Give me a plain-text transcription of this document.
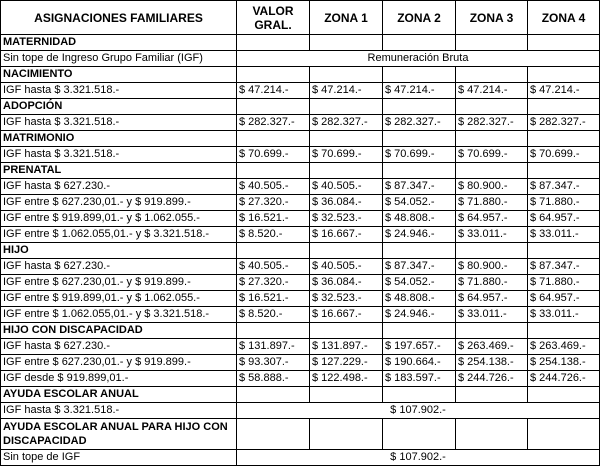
ASIGNACIONES FAMILIARES	VALOR GRAL.	ZONA 1	ZONA 2	ZONA 3	ZONA 4
MATERNIDAD					
Sin tope de Ingreso Grupo Familiar (IGF)	Remuneración Bruta				
NACIMIENTO					
IGF hasta $ 3.321.518.-	$ 47.214.-	$ 47.214.-	$ 47.214.-	$ 47.214.-	$ 47.214.-
ADOPCIÓN					
IGF hasta $ 3.321.518.-	$ 282.327.-	$ 282.327.-	$ 282.327.-	$ 282.327.-	$ 282.327.-
MATRIMONIO					
IGF hasta $ 3.321.518.-	$ 70.699.-	$ 70.699.-	$ 70.699.-	$ 70.699.-	$ 70.699.-
PRENATAL					
IGF hasta $ 627.230.-	$ 40.505.-	$ 40.505.-	$ 87.347.-	$ 80.900.-	$ 87.347.-
IGF entre $ 627.230,01.- y $ 919.899.-	$ 27.320.-	$ 36.084.-	$ 54.052.-	$ 71.880.-	$ 71.880.-
IGF entre $ 919.899,01.- y $ 1.062.055.-	$ 16.521.-	$ 32.523.-	$ 48.808.-	$ 64.957.-	$ 64.957.-
IGF entre $ 1.062.055,01.- y $ 3.321.518.-	$ 8.520.-	$ 16.667.-	$ 24.946.-	$ 33.011.-	$ 33.011.-
HIJO					
IGF hasta $ 627.230.-	$ 40.505.-	$ 40.505.-	$ 87.347.-	$ 80.900.-	$ 87.347.-
IGF entre $ 627.230,01.- y $ 919.899.-	$ 27.320.-	$ 36.084.-	$ 54.052.-	$ 71.880.-	$ 71.880.-
IGF entre $ 919.899,01.- y $ 1.062.055.-	$ 16.521.-	$ 32.523.-	$ 48.808.-	$ 64.957.-	$ 64.957.-
IGF entre $ 1.062.055,01.- y $ 3.321.518.-	$ 8.520.-	$ 16.667.-	$ 24.946.-	$ 33.011.-	$ 33.011.-
HIJO CON DISCAPACIDAD					
IGF hasta $ 627.230.-	$ 131.897.-	$ 131.897.-	$ 197.657.-	$ 263.469.-	$ 263.469.-
IGF entre $ 627.230,01.- y $ 919.899.-	$ 93.307.-	$ 127.229.-	$ 190.664.-	$ 254.138.-	$ 254.138.-
IGF desde $ 919.899,01.-	$ 58.888.-	$ 122.498.-	$ 183.597.-	$ 244.726.-	$ 244.726.-
AYUDA ESCOLAR ANUAL					
IGF hasta $ 3.321.518.-	$ 107.902.-				
AYUDA ESCOLAR ANUAL PARA HIJO CON DISCAPACIDAD					
Sin tope de IGF	$ 107.902.-				
